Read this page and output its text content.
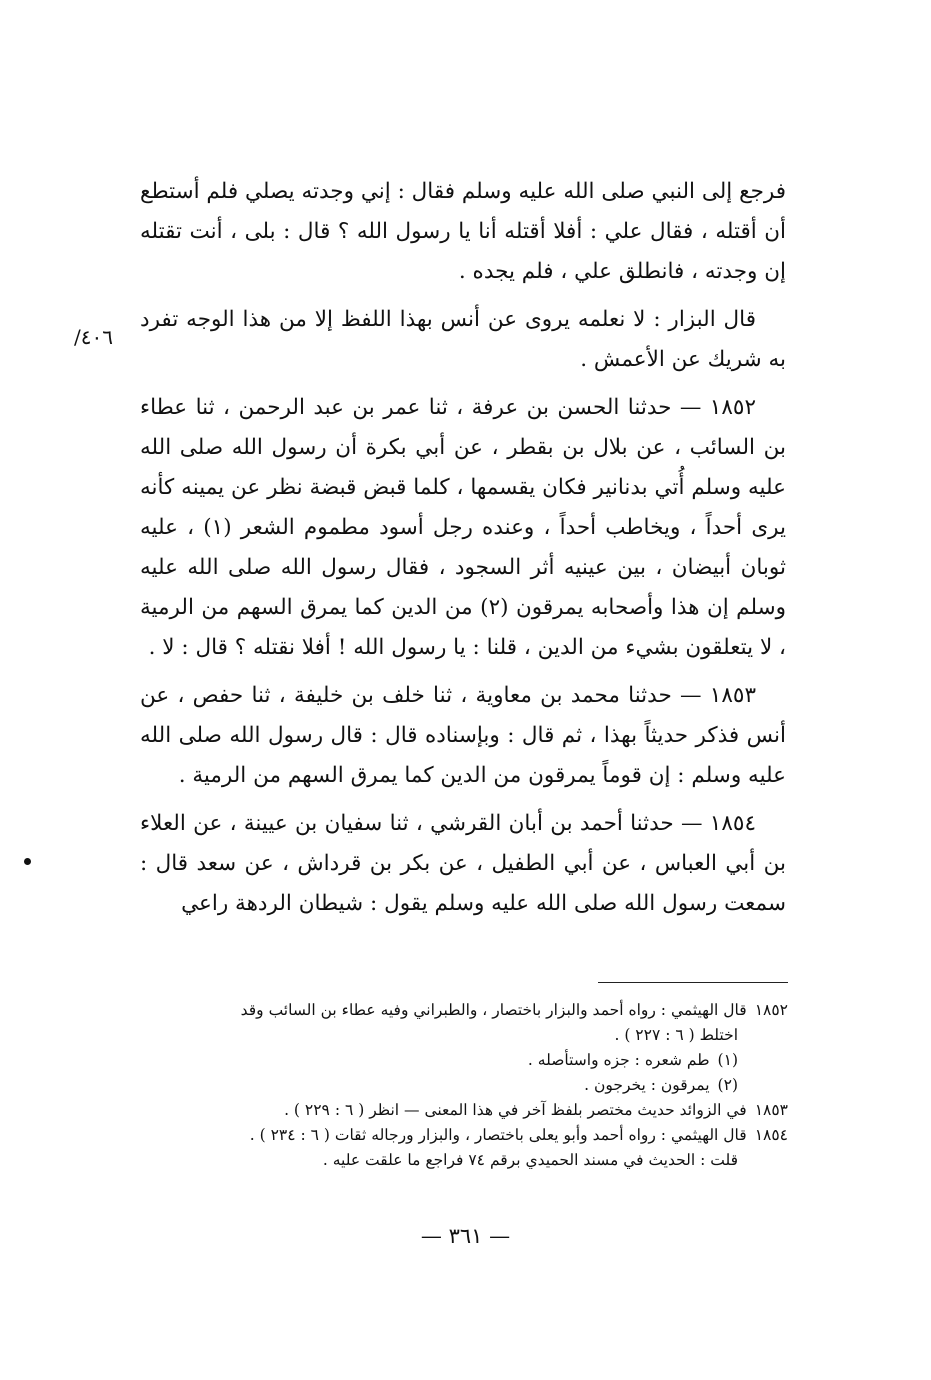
فرجع إلى النبي صلى الله عليه وسلم فقال : إني وجدته يصلي فلم أستطع أن أقتله ، فقال علي : أفلا أقتله أنا يا رسول الله ؟ قال : بلى ، أنت تقتله إن وجدته ، فانطلق علي ، فلم يجده .

قال البزار : لا نعلمه يروى عن أنس بهذا اللفظ إلا من هذا الوجه تفرد به شريك عن الأعمش .

١٨٥٢ — حدثنا الحسن بن عرفة ، ثنا عمر بن عبد الرحمن ، ثنا عطاء بن السائب ، عن بلال بن بقطر ، عن أبي بكرة أن رسول الله صلى الله عليه وسلم أُتي بدنانير فكان يقسمها ، كلما قبض قبضة نظر عن يمينه كأنه يرى أحداً ، ويخاطب أحداً ، وعنده رجل أسود مطموم الشعر (١) ، عليه ثوبان أبيضان ، بين عينيه أثر السجود ، فقال رسول الله صلى الله عليه وسلم إن هذا وأصحابه يمرقون (٢) من الدين كما يمرق السهم من الرمية ، لا يتعلقون بشيء من الدين ، قلنا : يا رسول الله ! أفلا نقتله ؟ قال : لا .

١٨٥٣ — حدثنا محمد بن معاوية ، ثنا خلف بن خليفة ، ثنا حفص ، عن أنس فذكر حديثاً بهذا ، ثم قال : وبإسناده قال : قال رسول الله صلى الله عليه وسلم : إن قوماً يمرقون من الدين كما يمرق السهم من الرمية .

١٨٥٤ — حدثنا أحمد بن أبان القرشي ، ثنا سفيان بن عيينة ، عن العلاء بن أبي العباس ، عن أبي الطفيل ، عن بكر بن قرداش ، عن سعد قال : سمعت رسول الله صلى الله عليه وسلم يقول : شيطان الردهة راعي

٤٠٦/

١٨٥٢قال الهيثمي : رواه أحمد والبزار باختصار ، والطبراني وفيه عطاء بن السائب وقد

اختلط ( ٦ : ٢٢٧ ) .

(١)طم شعره : جزه واستأصله .

(٢)يمرقون : يخرجون .

١٨٥٣في الزوائد حديث مختصر بلفظ آخر في هذا المعنى — انظر ( ٦ : ٢٢٩ ) .

١٨٥٤قال الهيثمي : رواه أحمد وأبو يعلى باختصار ، والبزار ورجاله ثقات ( ٦ : ٢٣٤ ) .

قلت : الحديث في مسند الحميدي برقم ٧٤ فراجع ما علقت عليه .

— ٣٦١ —
